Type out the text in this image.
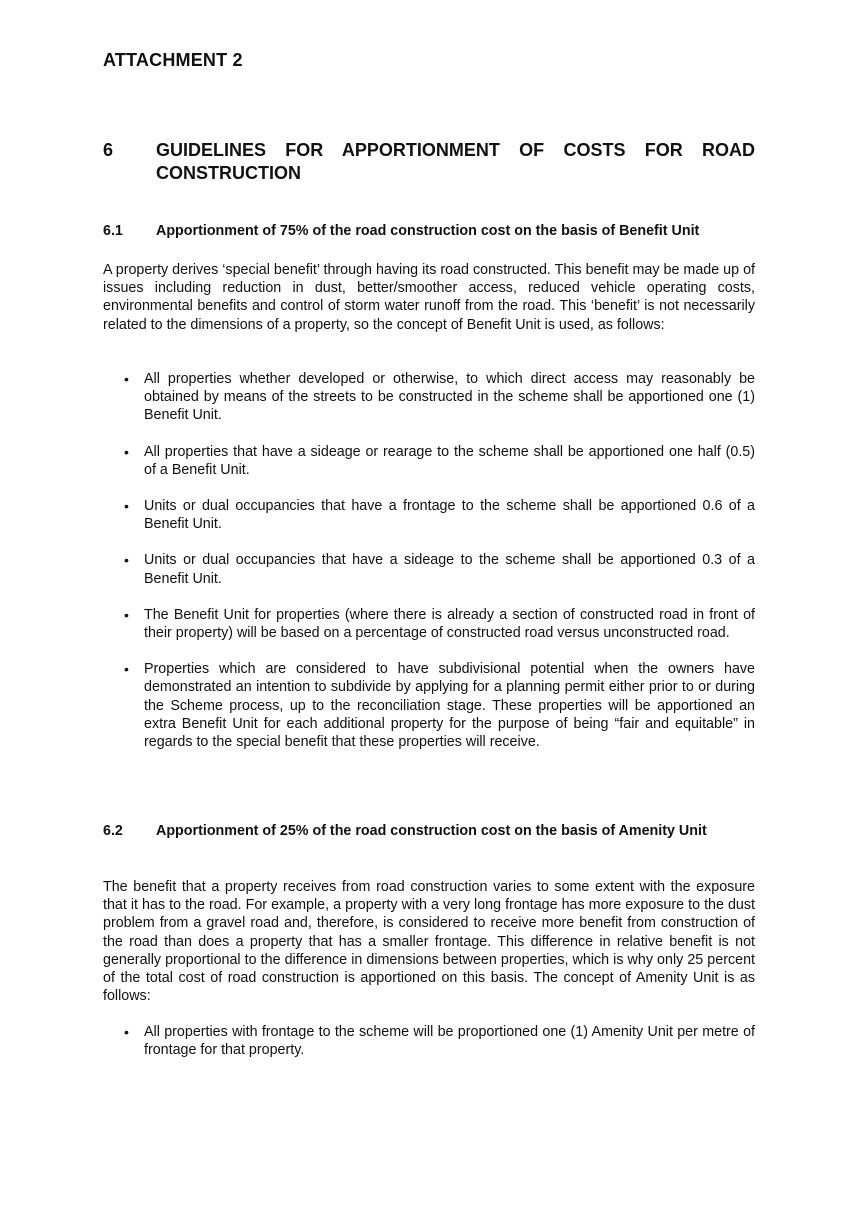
ATTACHMENT 2
6 GUIDELINES FOR APPORTIONMENT OF COSTS FOR ROAD CONSTRUCTION
6.1 Apportionment of 75% of the road construction cost on the basis of Benefit Unit
A property derives ‘special benefit’ through having its road constructed. This benefit may be made up of issues including reduction in dust, better/smoother access, reduced vehicle operating costs, environmental benefits and control of storm water runoff from the road. This ‘benefit’ is not necessarily related to the dimensions of a property, so the concept of Benefit Unit is used, as follows:
• All properties whether developed or otherwise, to which direct access may reasonably be obtained by means of the streets to be constructed in the scheme shall be apportioned one (1) Benefit Unit.
• All properties that have a sideage or rearage to the scheme shall be apportioned one half (0.5) of a Benefit Unit.
• Units or dual occupancies that have a frontage to the scheme shall be apportioned 0.6 of a Benefit Unit.
• Units or dual occupancies that have a sideage to the scheme shall be apportioned 0.3 of a Benefit Unit.
• The Benefit Unit for properties (where there is already a section of constructed road in front of their property) will be based on a percentage of constructed road versus unconstructed road.
• Properties which are considered to have subdivisional potential when the owners have demonstrated an intention to subdivide by applying for a planning permit either prior to or during the Scheme process, up to the reconciliation stage. These properties will be apportioned an extra Benefit Unit for each additional property for the purpose of being “fair and equitable” in regards to the special benefit that these properties will receive.
6.2 Apportionment of 25% of the road construction cost on the basis of Amenity Unit
The benefit that a property receives from road construction varies to some extent with the exposure that it has to the road. For example, a property with a very long frontage has more exposure to the dust problem from a gravel road and, therefore, is considered to receive more benefit from construction of the road than does a property that has a smaller frontage. This difference in relative benefit is not generally proportional to the difference in dimensions between properties, which is why only 25 percent of the total cost of road construction is apportioned on this basis. The concept of Amenity Unit is as follows:
• All properties with frontage to the scheme will be proportioned one (1) Amenity Unit per metre of frontage for that property.
